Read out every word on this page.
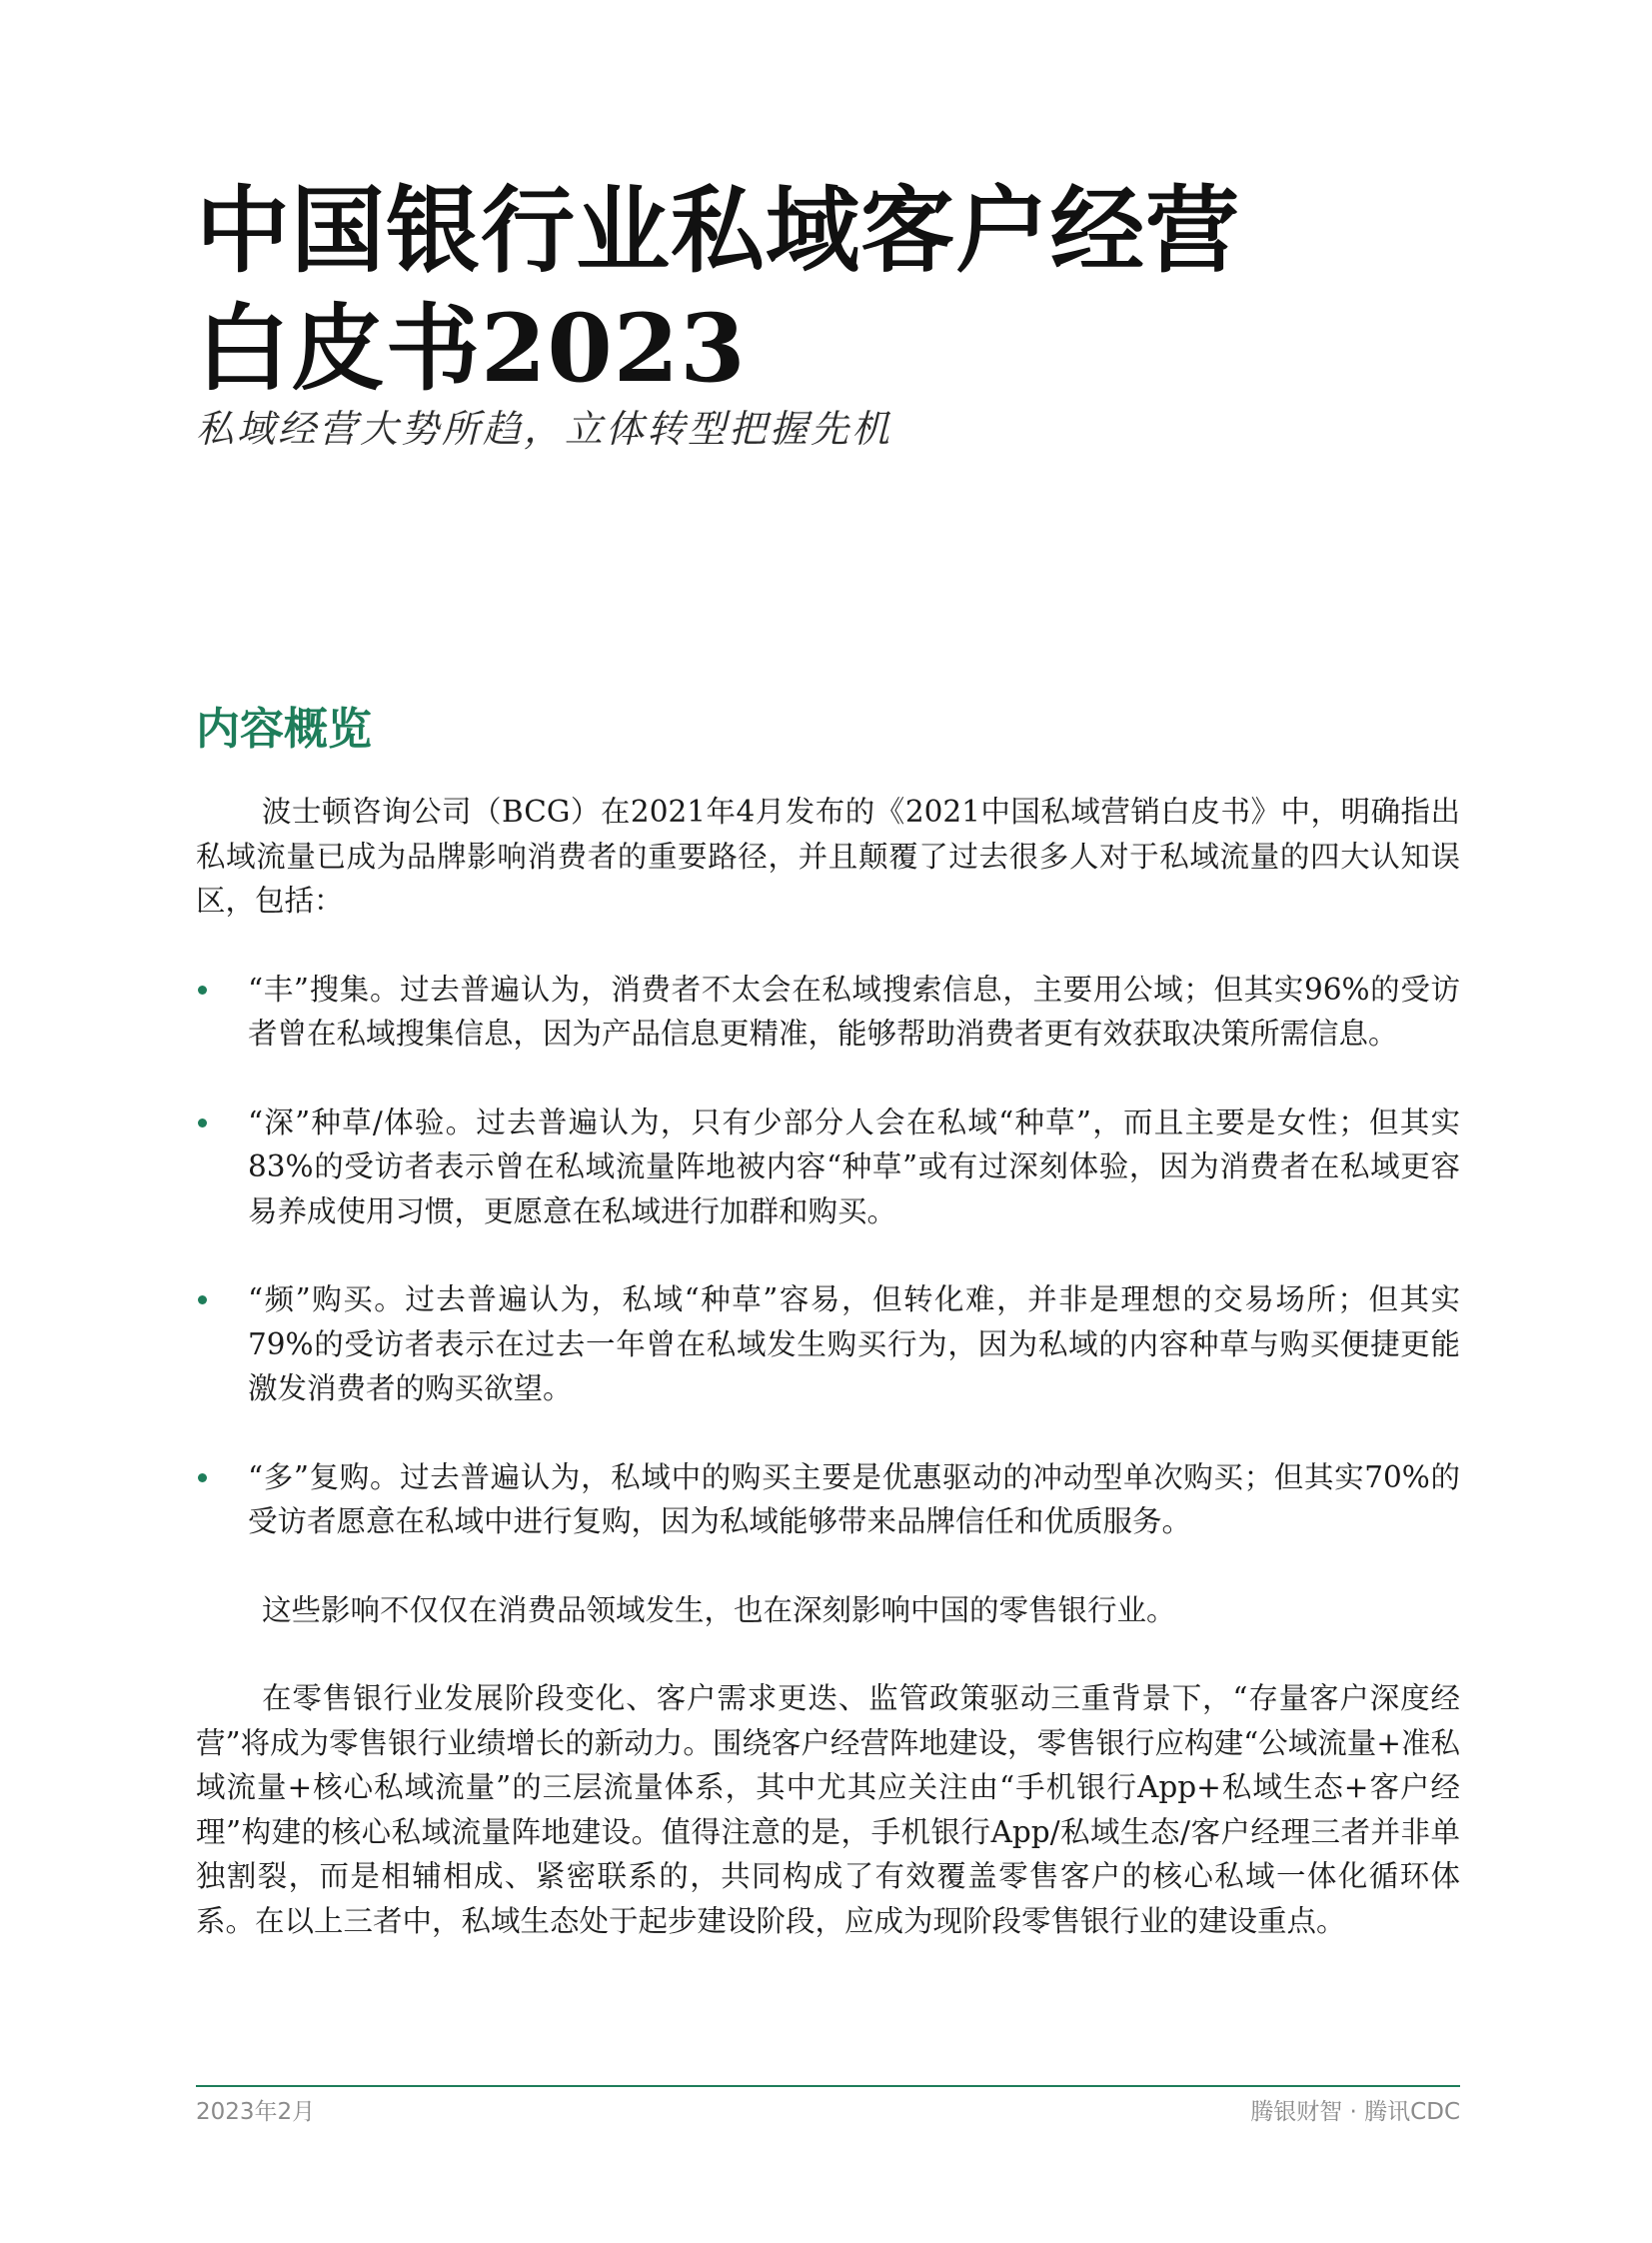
中国银行业私域客户经营
白皮书2023

私域经营大势所趋，立体转型把握先机

内容概览

波士顿咨询公司（BCG）在2021年4月发布的《2021中国私域营销白皮书》中，明确指出私域流量已成为品牌影响消费者的重要路径，并且颠覆了过去很多人对于私域流量的四大认知误区，包括：

“丰”搜集。过去普遍认为，消费者不太会在私域搜索信息，主要用公域；但其实96%的受访者曾在私域搜集信息，因为产品信息更精准，能够帮助消费者更有效获取决策所需信息。
“深”种草/体验。过去普遍认为，只有少部分人会在私域“种草”，而且主要是女性；但其实83%的受访者表示曾在私域流量阵地被内容“种草”或有过深刻体验，因为消费者在私域更容易养成使用习惯，更愿意在私域进行加群和购买。
“频”购买。过去普遍认为，私域“种草”容易，但转化难，并非是理想的交易场所；但其实79%的受访者表示在过去一年曾在私域发生购买行为，因为私域的内容种草与购买便捷更能激发消费者的购买欲望。
“多”复购。过去普遍认为，私域中的购买主要是优惠驱动的冲动型单次购买；但其实70%的受访者愿意在私域中进行复购，因为私域能够带来品牌信任和优质服务。

这些影响不仅仅在消费品领域发生，也在深刻影响中国的零售银行业。

在零售银行业发展阶段变化、客户需求更迭、监管政策驱动三重背景下，“存量客户深度经营”将成为零售银行业绩增长的新动力。围绕客户经营阵地建设，零售银行应构建“公域流量+准私域流量+核心私域流量”的三层流量体系，其中尤其应关注由“手机银行App+私域生态+客户经理”构建的核心私域流量阵地建设。值得注意的是，手机银行App/私域生态/客户经理三者并非单独割裂，而是相辅相成、紧密联系的，共同构成了有效覆盖零售客户的核心私域一体化循环体系。在以上三者中，私域生态处于起步建设阶段，应成为现阶段零售银行业的建设重点。

2023年2月	腾银财智 · 腾讯CDC
